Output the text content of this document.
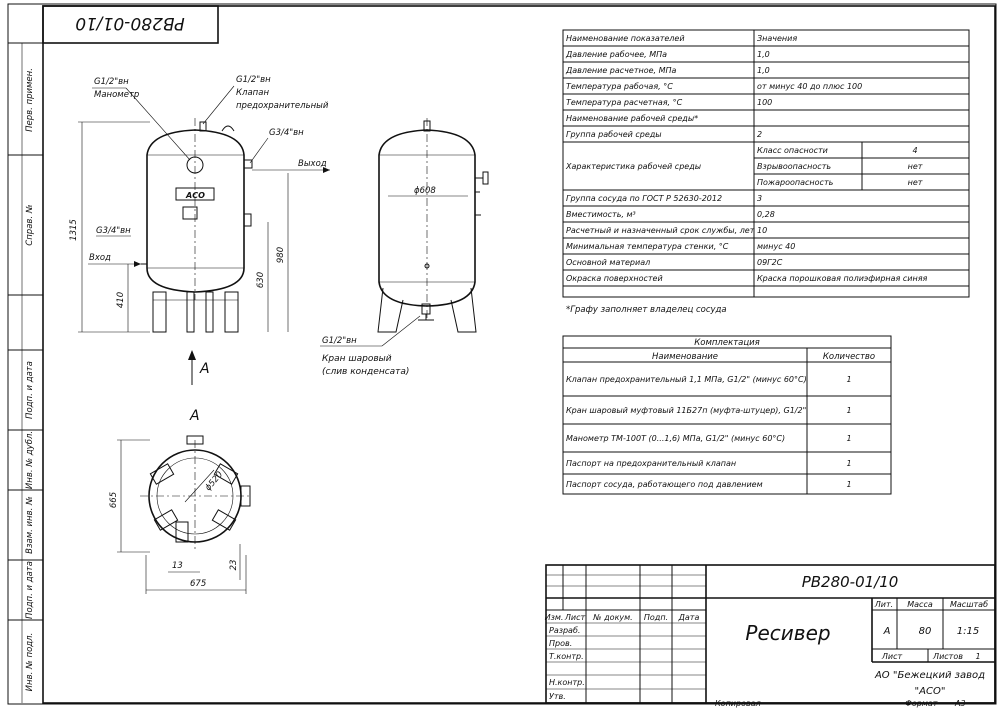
РВ280-01/10
Перв. примен.
Справ. №
Подп. и дата
Инв. № дубл.
Взам. инв. №
Подп. и дата
Инв. № подл.
АСО
1315
980
630
410
G1/2"вн
Манометр
G1/2"вн
Клапан
предохранительный
G3/4"вн
Выход
G3/4"вн
Вход
ϕ608
G1/2"вн
Кран шаровый
(слив конденсата)
А
А
ϕ520
665
675
13	23
Наименование показателей	Значения
Давление рабочее, МПа	1,0
Давление расчетное, МПа	1,0
Температура рабочая, °С	от минус 40 до плюс 100
Температура расчетная, °С	100
Наименование рабочей среды*
Группа рабочей среды	2
Характеристика рабочей среды
Класс опасности	4
Взрывоопасность	нет
Пожароопасность	нет
Группа сосуда по ГОСТ Р 52630-2012	3
Вместимость, м³	0,28
Расчетный и назначенный срок службы, лет 10
Минимальная температура стенки, °С	минус 40
Основной материал	09Г2С
Окраска поверхностей	Краска порошковая полиэфирная синяя
*Графу заполняет владелец сосуда
Комплектация
Наименование	Количество
Клапан предохранительный 1,1 МПа, G1/2" (минус 60°С)	1
Кран шаровый муфтовый 11Б27п (муфта-штуцер), G1/2"	1
Манометр ТМ-100Т (0...1,6) МПа, G1/2" (минус 60°С)	1
Паспорт на предохранительный клапан	1
Паспорт сосуда, работающего под давлением	1
РВ280-01/10
Ресивер
Изм. Лист № докум. Подп. Дата
Разраб.
Пров.
Т.контр.
Н.контр.
Утв.
Лит. Масса Масштаб
А	80	1:15
Лист	Листов 1
АО "Бежецкий завод
"АСО"
Копировал	Формат А3
